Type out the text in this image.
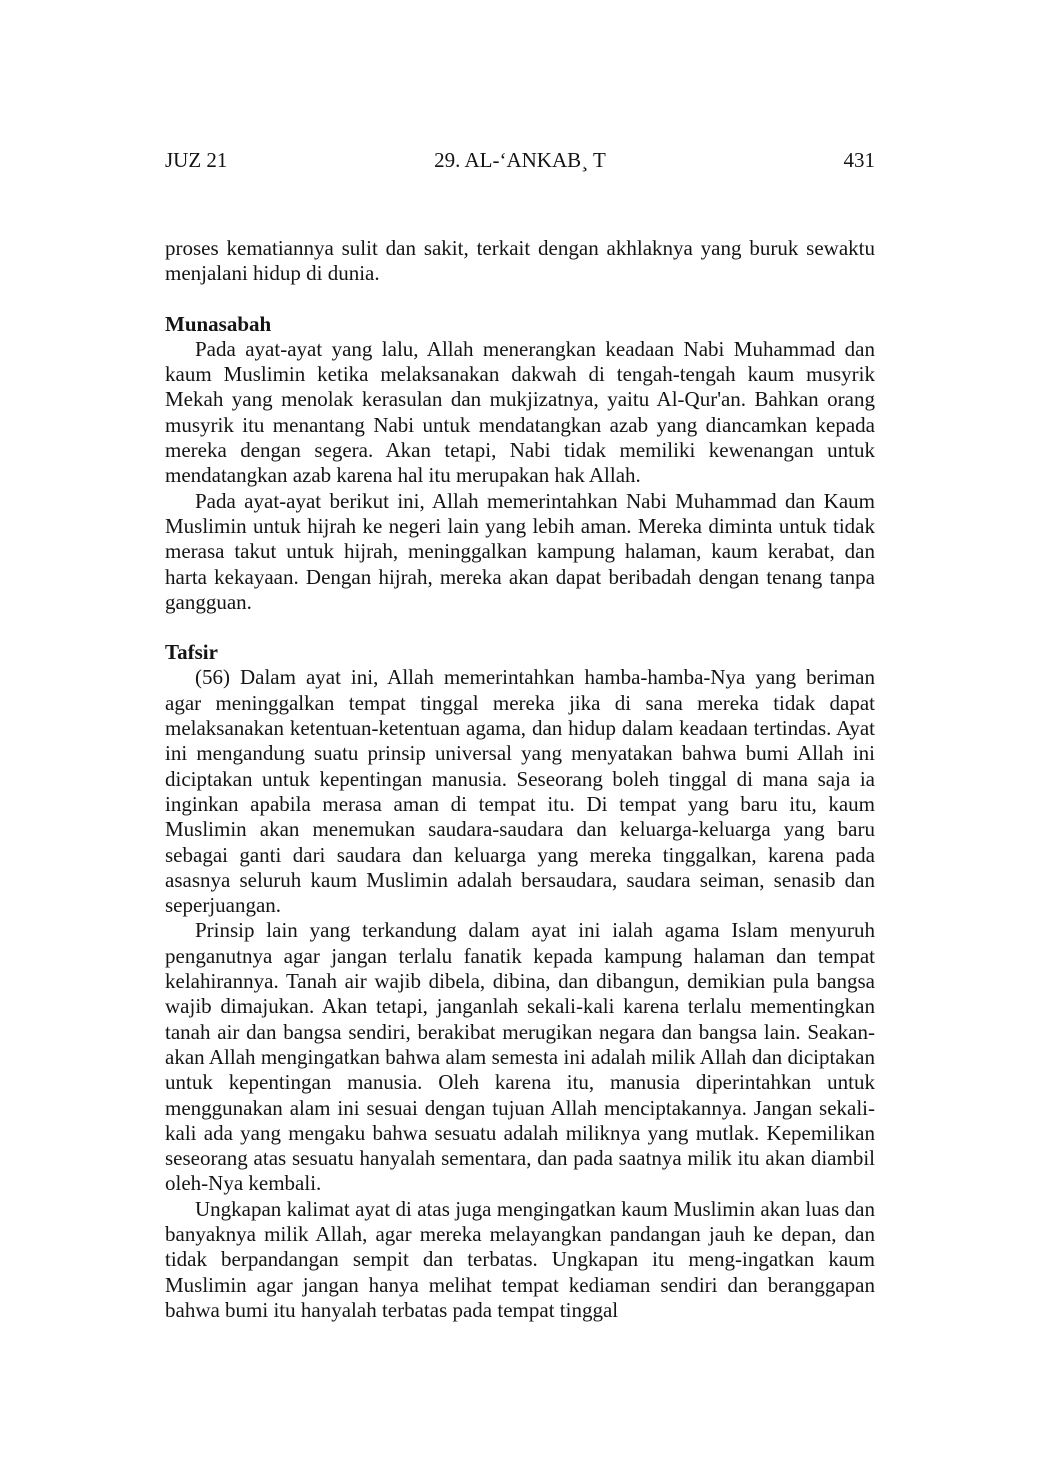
JUZ 21	29. AL-‘ANKAB¸ T	431

proses kematiannya sulit dan sakit, terkait dengan akhlaknya yang buruk sewaktu menjalani hidup di dunia.

Munasabah

Pada ayat-ayat yang lalu, Allah menerangkan keadaan Nabi Muhammad dan kaum Muslimin ketika melaksanakan dakwah di tengah-tengah kaum musyrik Mekah yang menolak kerasulan dan mukjizatnya, yaitu Al-Qur'an. Bahkan orang musyrik itu menantang Nabi untuk mendatangkan azab yang diancamkan kepada mereka dengan segera. Akan tetapi, Nabi tidak memiliki kewenangan untuk mendatangkan azab karena hal itu merupakan hak Allah.

Pada ayat-ayat berikut ini, Allah memerintahkan Nabi Muhammad dan Kaum Muslimin untuk hijrah ke negeri lain yang lebih aman. Mereka diminta untuk tidak merasa takut untuk hijrah, meninggalkan kampung halaman, kaum kerabat, dan harta kekayaan. Dengan hijrah, mereka akan dapat beribadah dengan tenang tanpa gangguan.

Tafsir

(56) Dalam ayat ini, Allah memerintahkan hamba-hamba-Nya yang beriman agar meninggalkan tempat tinggal mereka jika di sana mereka tidak dapat melaksanakan ketentuan-ketentuan agama, dan hidup dalam keadaan tertindas. Ayat ini mengandung suatu prinsip universal yang menyatakan bahwa bumi Allah ini diciptakan untuk kepentingan manusia. Seseorang boleh tinggal di mana saja ia inginkan apabila merasa aman di tempat itu. Di tempat yang baru itu, kaum Muslimin akan menemukan saudara-saudara dan keluarga-keluarga yang baru sebagai ganti dari saudara dan keluarga yang mereka tinggalkan, karena pada asasnya seluruh kaum Muslimin adalah bersaudara, saudara seiman, senasib dan seperjuangan.

Prinsip lain yang terkandung dalam ayat ini ialah agama Islam menyuruh penganutnya agar jangan terlalu fanatik kepada kampung halaman dan tempat kelahirannya. Tanah air wajib dibela, dibina, dan dibangun, demikian pula bangsa wajib dimajukan. Akan tetapi, janganlah sekali-kali karena terlalu mementingkan tanah air dan bangsa sendiri, berakibat merugikan negara dan bangsa lain. Seakan-akan Allah mengingatkan bahwa alam semesta ini adalah milik Allah dan diciptakan untuk kepentingan manusia. Oleh karena itu, manusia diperintahkan untuk menggunakan alam ini sesuai dengan tujuan Allah menciptakannya. Jangan sekali-kali ada yang mengaku bahwa sesuatu adalah miliknya yang mutlak. Kepemilikan seseorang atas sesuatu hanyalah sementara, dan pada saatnya milik itu akan diambil oleh-Nya kembali.

Ungkapan kalimat ayat di atas juga mengingatkan kaum Muslimin akan luas dan banyaknya milik Allah, agar mereka melayangkan pandangan jauh ke depan, dan tidak berpandangan sempit dan terbatas. Ungkapan itu meng-ingatkan kaum Muslimin agar jangan hanya melihat tempat kediaman sendiri dan beranggapan bahwa bumi itu hanyalah terbatas pada tempat tinggal
